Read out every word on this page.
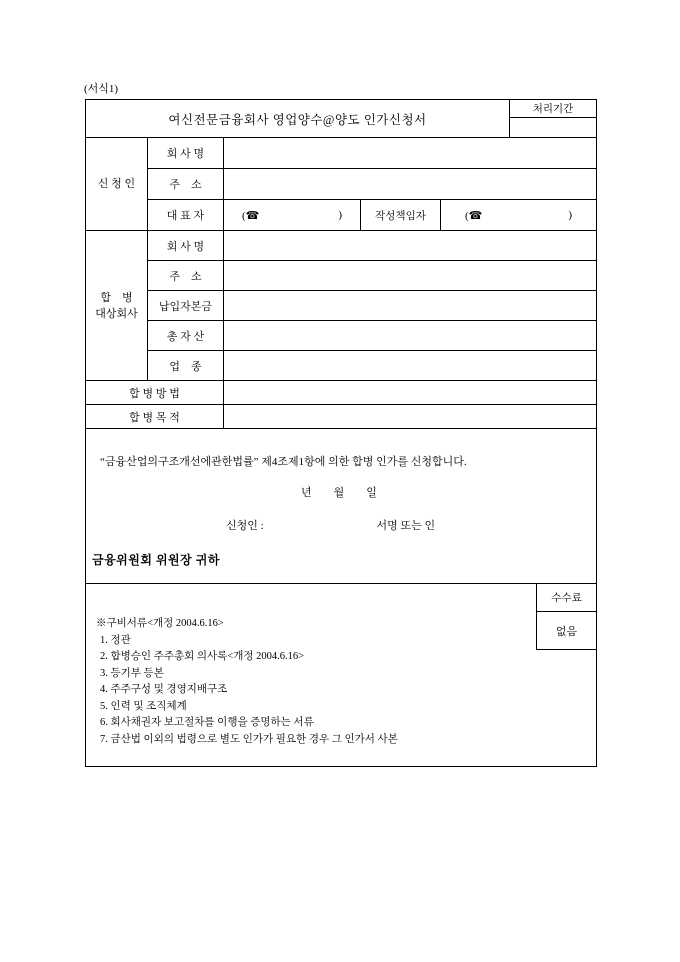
(서식1)
여신전문금융회사 영업양수@양도 인가신청서
처리기간
신 청 인
회 사 명
주    소
대 표 자	(☎	)	작성책임자	(☎	)
합    병
대상회사
회 사 명
주    소
납입자본금
총 자 산
업    종
합 병 방 법
합 병 목 적
“금융산업의구조개선에관한법률” 제4조제1항에 의한 합병 인가를 신청합니다.
년        월        일
신청인 :	서명 또는 인
금융위원회 위원장 귀하
※구비서류<개정 2004.6.16>
1. 정관
2. 합병승인 주주총회 의사록<개정 2004.6.16>
3. 등기부 등본
4. 주주구성 및 경영지배구조
5. 인력 및 조직체계
6. 회사채권자 보고절차를 이행을 증명하는 서류
7. 금산법 이외의 법령으로 별도 인가가 필요한 경우 그 인가서 사본
수수료
없음
